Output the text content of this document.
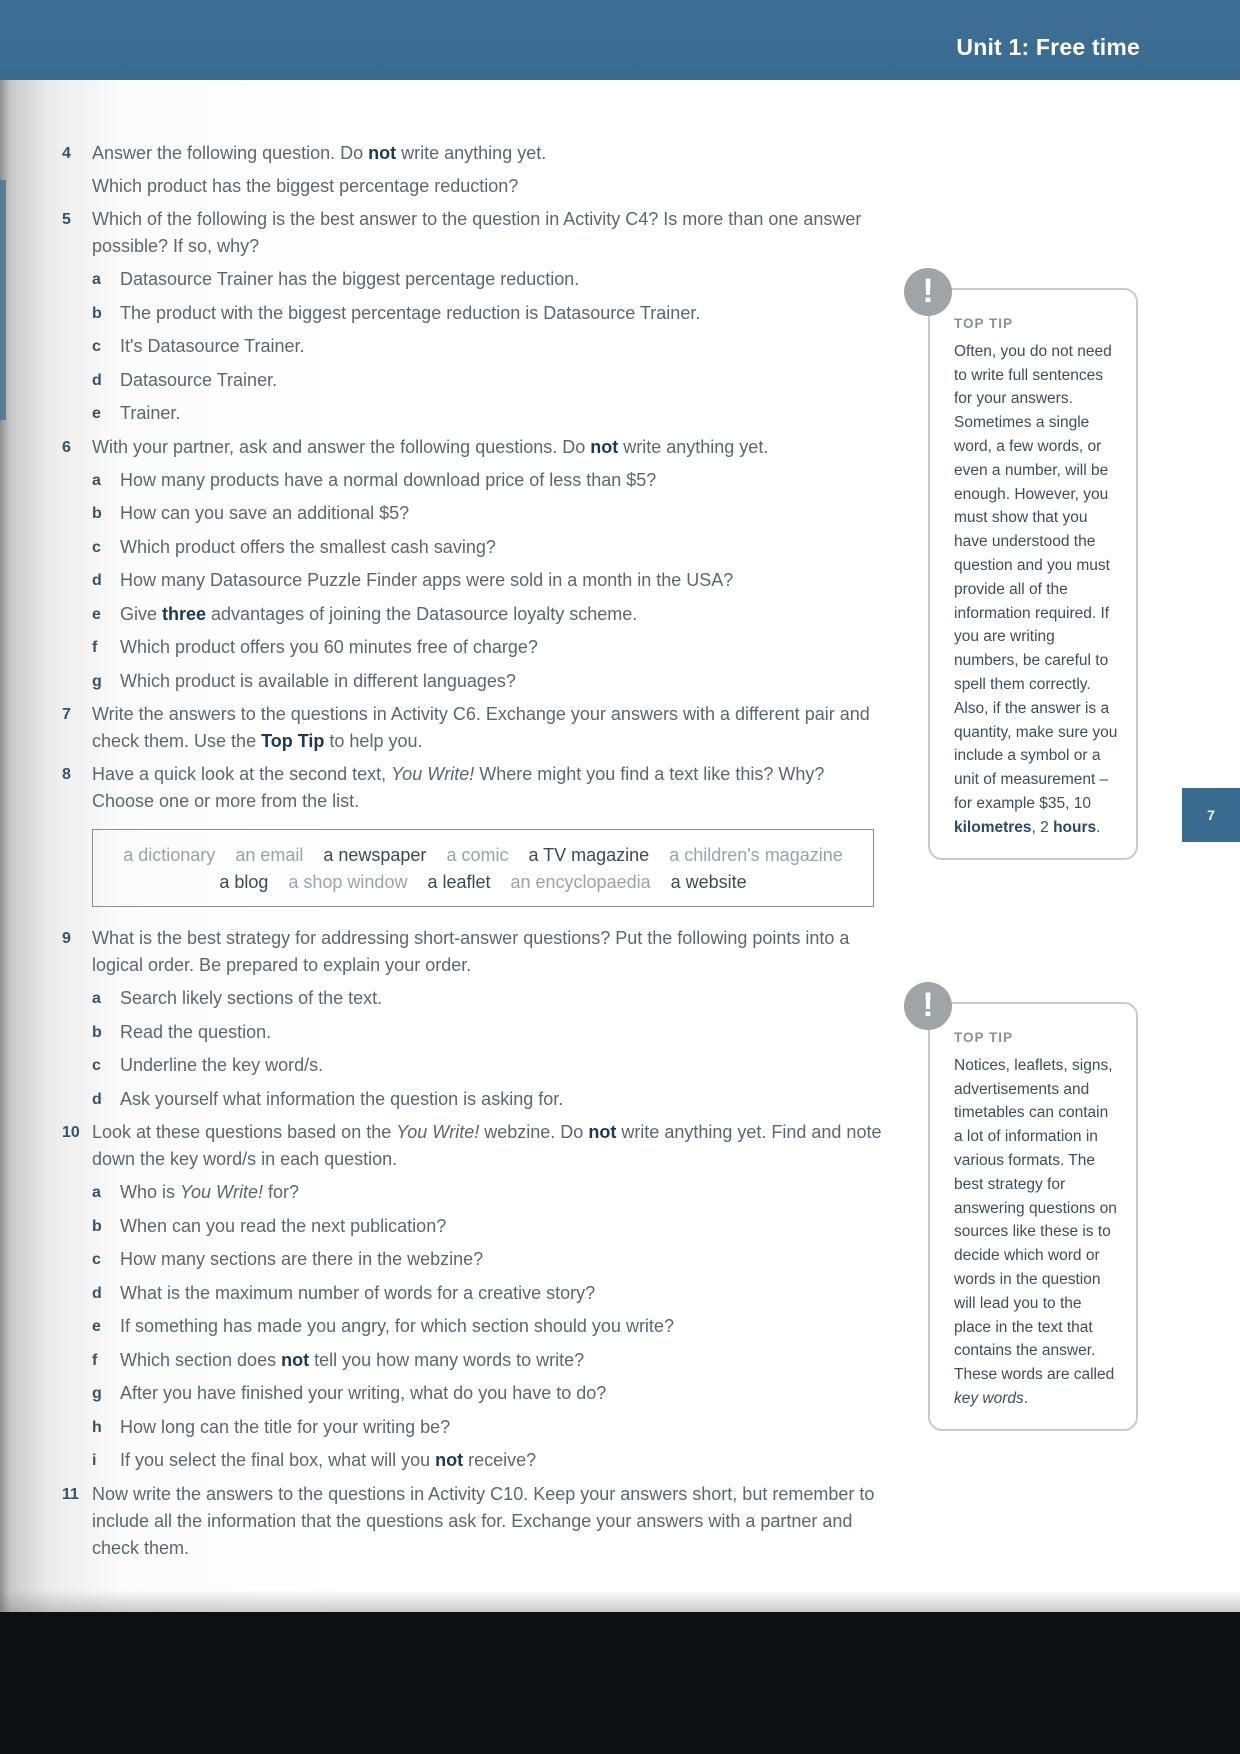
Unit 1: Free time
7
4 Answer the following question. Do not write anything yet.

Which product has the biggest percentage reduction?

5 Which of the following is the best answer to the question in Activity C4? Is more than one answer possible? If so, why?

a Datasource Trainer has the biggest percentage reduction.
b The product with the biggest percentage reduction is Datasource Trainer.
c It's Datasource Trainer.
d Datasource Trainer.
e Trainer.
6 With your partner, ask and answer the following questions. Do not write anything yet.

a How many products have a normal download price of less than $5?
b How can you save an additional $5?
c Which product offers the smallest cash saving?
d How many Datasource Puzzle Finder apps were sold in a month in the USA?
e Give three advantages of joining the Datasource loyalty scheme.
f Which product offers you 60 minutes free of charge?
g Which product is available in different languages?
7 Write the answers to the questions in Activity C6. Exchange your answers with a different pair and check them. Use the Top Tip to help you.

8 Have a quick look at the second text, You Write! Where might you find a text like this? Why? Choose one or more from the list.

a dictionary an email a newspaper a comic a TV magazine a children's magazine
a blog a shop window a leaflet an encyclopaedia a website
9 What is the best strategy for addressing short-answer questions? Put the following points into a logical order. Be prepared to explain your order.

a Search likely sections of the text.
b Read the question.
c Underline the key word/s.
d Ask yourself what information the question is asking for.
10 Look at these questions based on the You Write! webzine. Do not write anything yet. Find and note down the key word/s in each question.

a Who is You Write! for?
b When can you read the next publication?
c How many sections are there in the webzine?
d What is the maximum number of words for a creative story?
e If something has made you angry, for which section should you write?
f Which section does not tell you how many words to write?
g After you have finished your writing, what do you have to do?
h How long can the title for your writing be?
i If you select the final box, what will you not receive?
11 Now write the answers to the questions in Activity C10. Keep your answers short, but remember to include all the information that the questions ask for. Exchange your answers with a partner and check them.

!
TOP TIP
Often, you do not need to write full sentences for your answers. Sometimes a single word, a few words, or even a number, will be enough. However, you must show that you have understood the question and you must provide all of the information required. If you are writing numbers, be careful to spell them correctly. Also, if the answer is a quantity, make sure you include a symbol or a unit of measurement – for example $35, 10 kilometres, 2 hours.
!
TOP TIP
Notices, leaflets, signs, advertisements and timetables can contain a lot of information in various formats. The best strategy for answering questions on sources like these is to decide which word or words in the question will lead you to the place in the text that contains the answer. These words are called key words.
